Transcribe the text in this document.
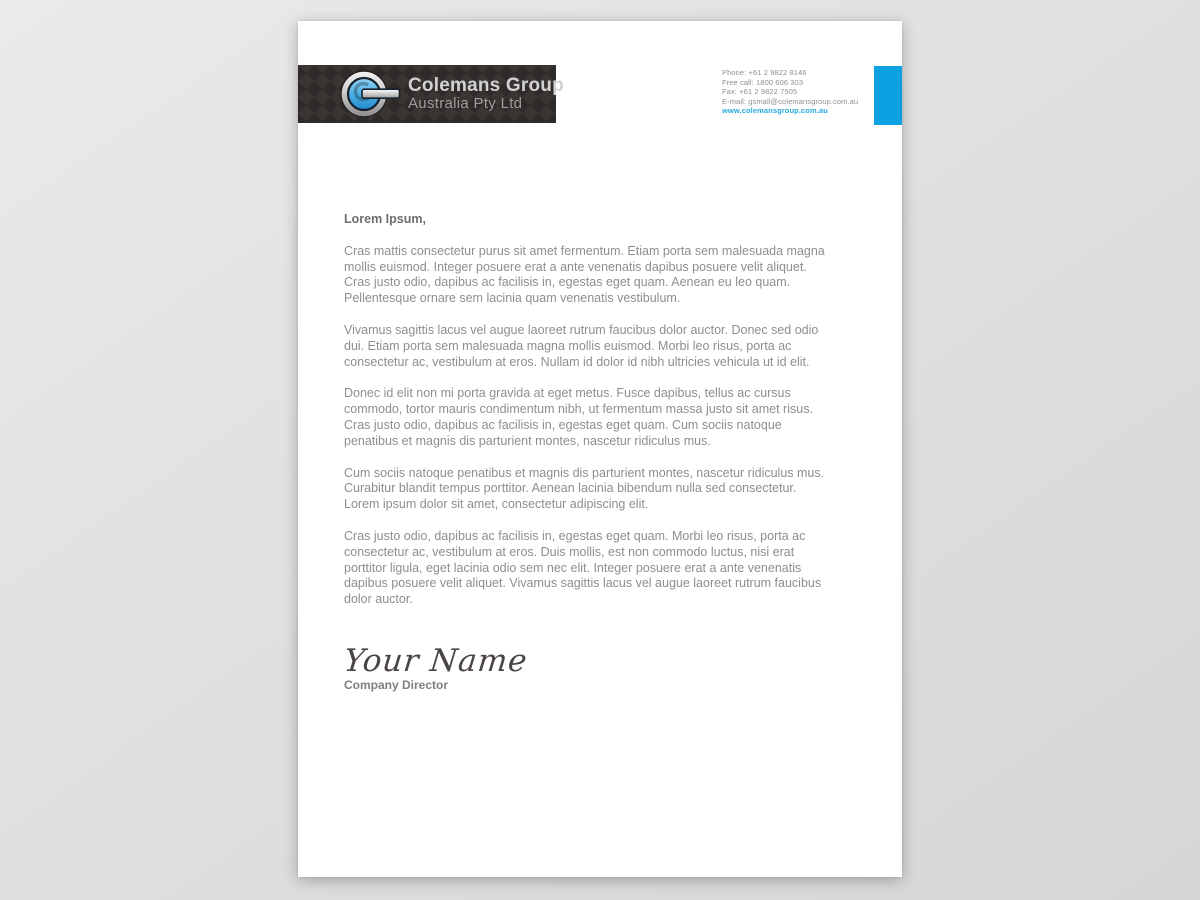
Colemans Group
Australia Pty Ltd
Phone: +61 2 9822 8146
Free call: 1800 606 303
Fax: +61 2 9822 7505
E-mail: gsmall@colemansgroup.com.au
www.colemansgroup.com.au
Lorem Ipsum,

Cras mattis consectetur purus sit amet fermentum. Etiam porta sem malesuada magna mollis euismod. Integer posuere erat a ante venenatis dapibus posuere velit aliquet. Cras justo odio, dapibus ac facilisis in, egestas eget quam. Aenean eu leo quam. Pellentesque ornare sem lacinia quam venenatis vestibulum.

Vivamus sagittis lacus vel augue laoreet rutrum faucibus dolor auctor. Donec sed odio dui. Etiam porta sem malesuada magna mollis euismod. Morbi leo risus, porta ac consectetur ac, vestibulum at eros. Nullam id dolor id nibh ultricies vehicula ut id elit.

Donec id elit non mi porta gravida at eget metus. Fusce dapibus, tellus ac cursus commodo, tortor mauris condimentum nibh, ut fermentum massa justo sit amet risus. Cras justo odio, dapibus ac facilisis in, egestas eget quam. Cum sociis natoque penatibus et magnis dis parturient montes, nascetur ridiculus mus.

Cum sociis natoque penatibus et magnis dis parturient montes, nascetur ridiculus mus. Curabitur blandit tempus porttitor. Aenean lacinia bibendum nulla sed consectetur. Lorem ipsum dolor sit amet, consectetur adipiscing elit.

Cras justo odio, dapibus ac facilisis in, egestas eget quam. Morbi leo risus, porta ac consectetur ac, vestibulum at eros. Duis mollis, est non commodo luctus, nisi erat porttitor ligula, eget lacinia odio sem nec elit. Integer posuere erat a ante venenatis dapibus posuere velit aliquet. Vivamus sagittis lacus vel augue laoreet rutrum faucibus dolor auctor.

Your Name
Company Director
